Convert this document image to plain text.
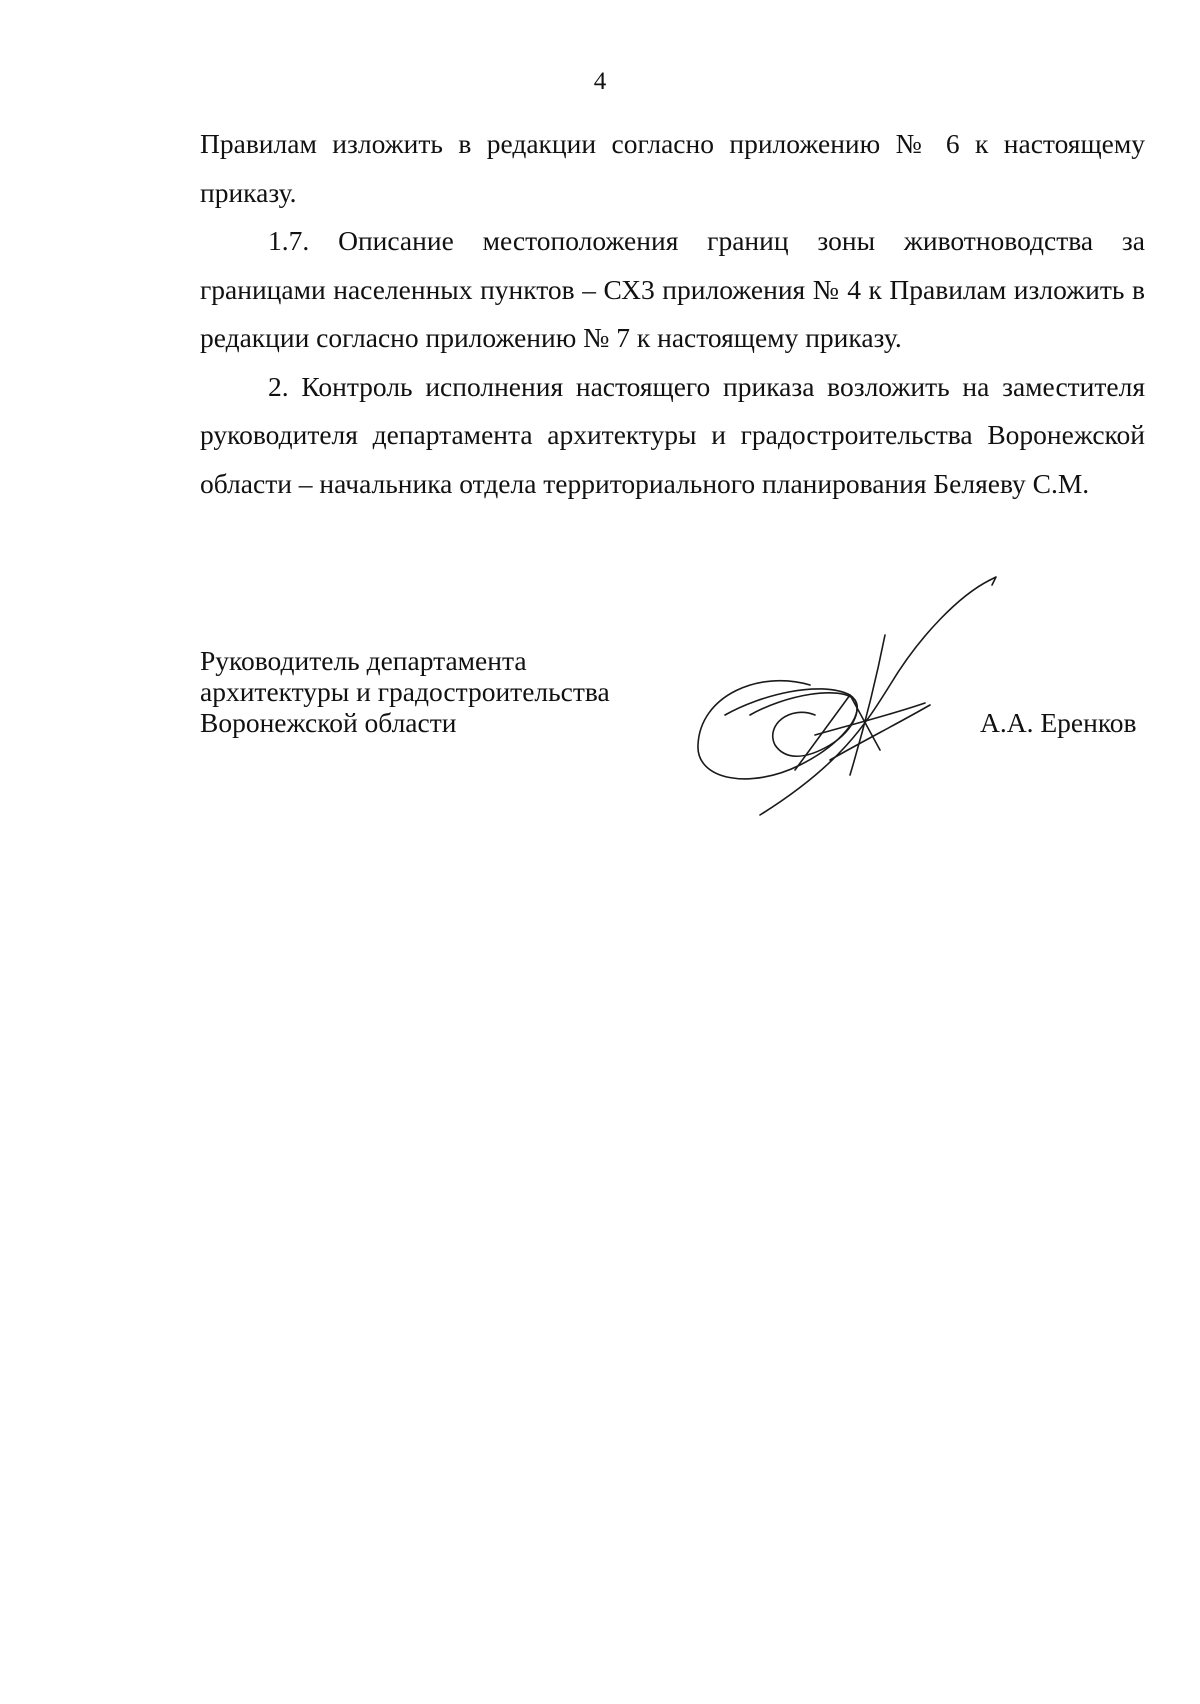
4

Правилам изложить в редакции согласно приложению № 6 к настоящему приказу.

1.7. Описание местоположения границ зоны животноводства за границами населенных пунктов – СХ3 приложения № 4 к Правилам изложить в редакции согласно приложению № 7 к настоящему приказу.

2. Контроль исполнения настоящего приказа возложить на заместителя руководителя департамента архитектуры и градостроительства Воронежской области – начальника отдела территориального планирования Беляеву С.М.

Руководитель департамента
архитектуры и градостроительства
Воронежской области	А.А. Еренков
